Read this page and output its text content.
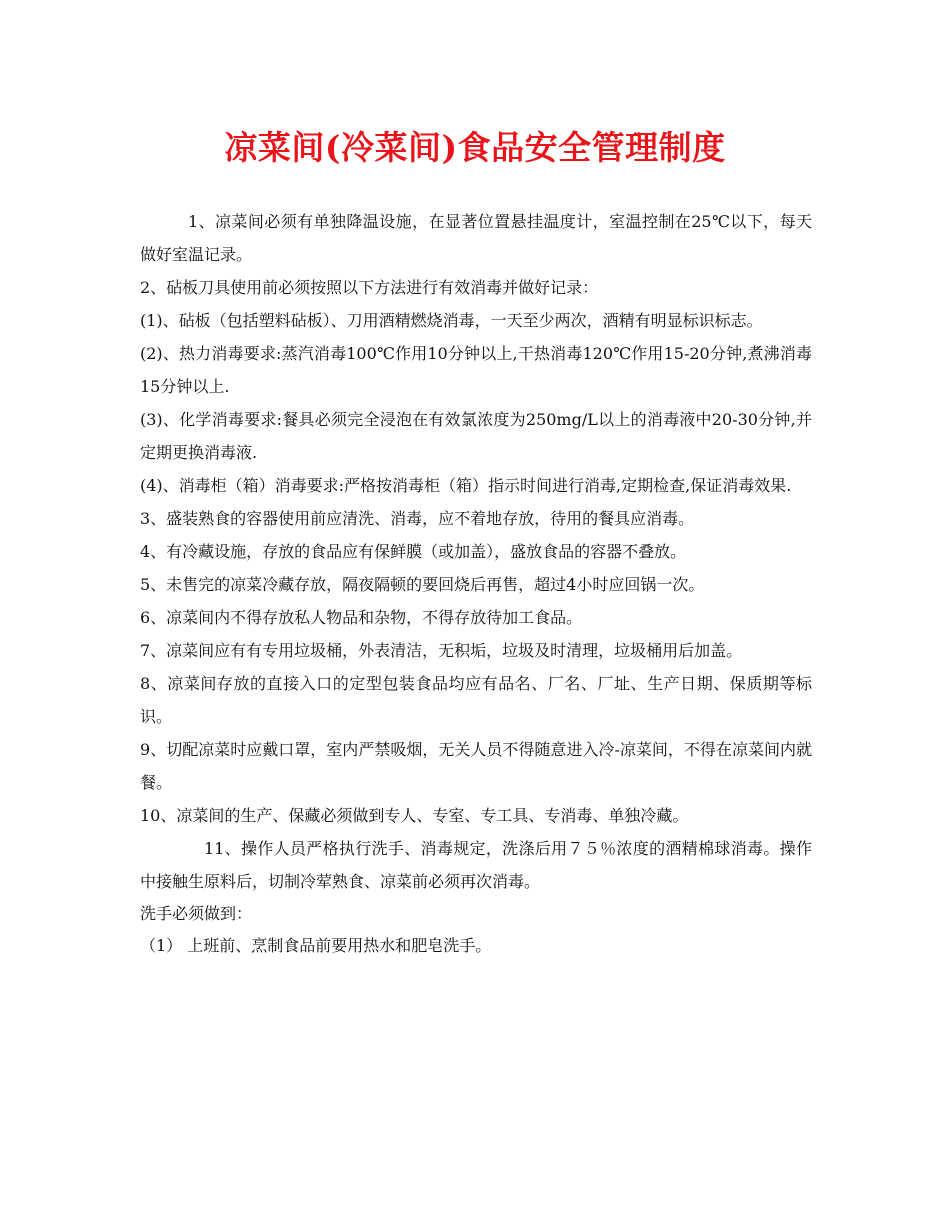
凉菜间(冷菜间)食品安全管理制度

1、凉菜间必须有单独降温设施，在显著位置悬挂温度计，室温控制在25℃以下，每天做好室温记录。

2、砧板刀具使用前必须按照以下方法进行有效消毒并做好记录：

(1)、砧板（包括塑料砧板）、刀用酒精燃烧消毒，一天至少两次，酒精有明显标识标志。

(2)、热力消毒要求:蒸汽消毒100℃作用10分钟以上,干热消毒120℃作用15-20分钟,煮沸消毒15分钟以上.

(3)、化学消毒要求:餐具必须完全浸泡在有效氯浓度为250mg/L以上的消毒液中20-30分钟,并定期更换消毒液.

(4)、消毒柜（箱）消毒要求:严格按消毒柜（箱）指示时间进行消毒,定期检查,保证消毒效果.

3、盛装熟食的容器使用前应清洗、消毒，应不着地存放，待用的餐具应消毒。

4、有冷藏设施，存放的食品应有保鲜膜（或加盖），盛放食品的容器不叠放。

5、未售完的凉菜冷藏存放，隔夜隔顿的要回烧后再售，超过4小时应回锅一次。

6、凉菜间内不得存放私人物品和杂物，不得存放待加工食品。

7、凉菜间应有有专用垃圾桶，外表清洁，无积垢，垃圾及时清理，垃圾桶用后加盖。

8、凉菜间存放的直接入口的定型包装食品均应有品名、厂名、厂址、生产日期、保质期等标识。

9、切配凉菜时应戴口罩，室内严禁吸烟，无关人员不得随意进入冷-凉菜间，不得在凉菜间内就餐。

10、凉菜间的生产、保藏必须做到专人、专室、专工具、专消毒、单独冷藏。

11、操作人员严格执行洗手、消毒规定，洗涤后用７５％浓度的酒精棉球消毒。操作中接触生原料后，切制冷荤熟食、凉菜前必须再次消毒。

洗手必须做到：

（1） 上班前、烹制食品前要用热水和肥皂洗手。
